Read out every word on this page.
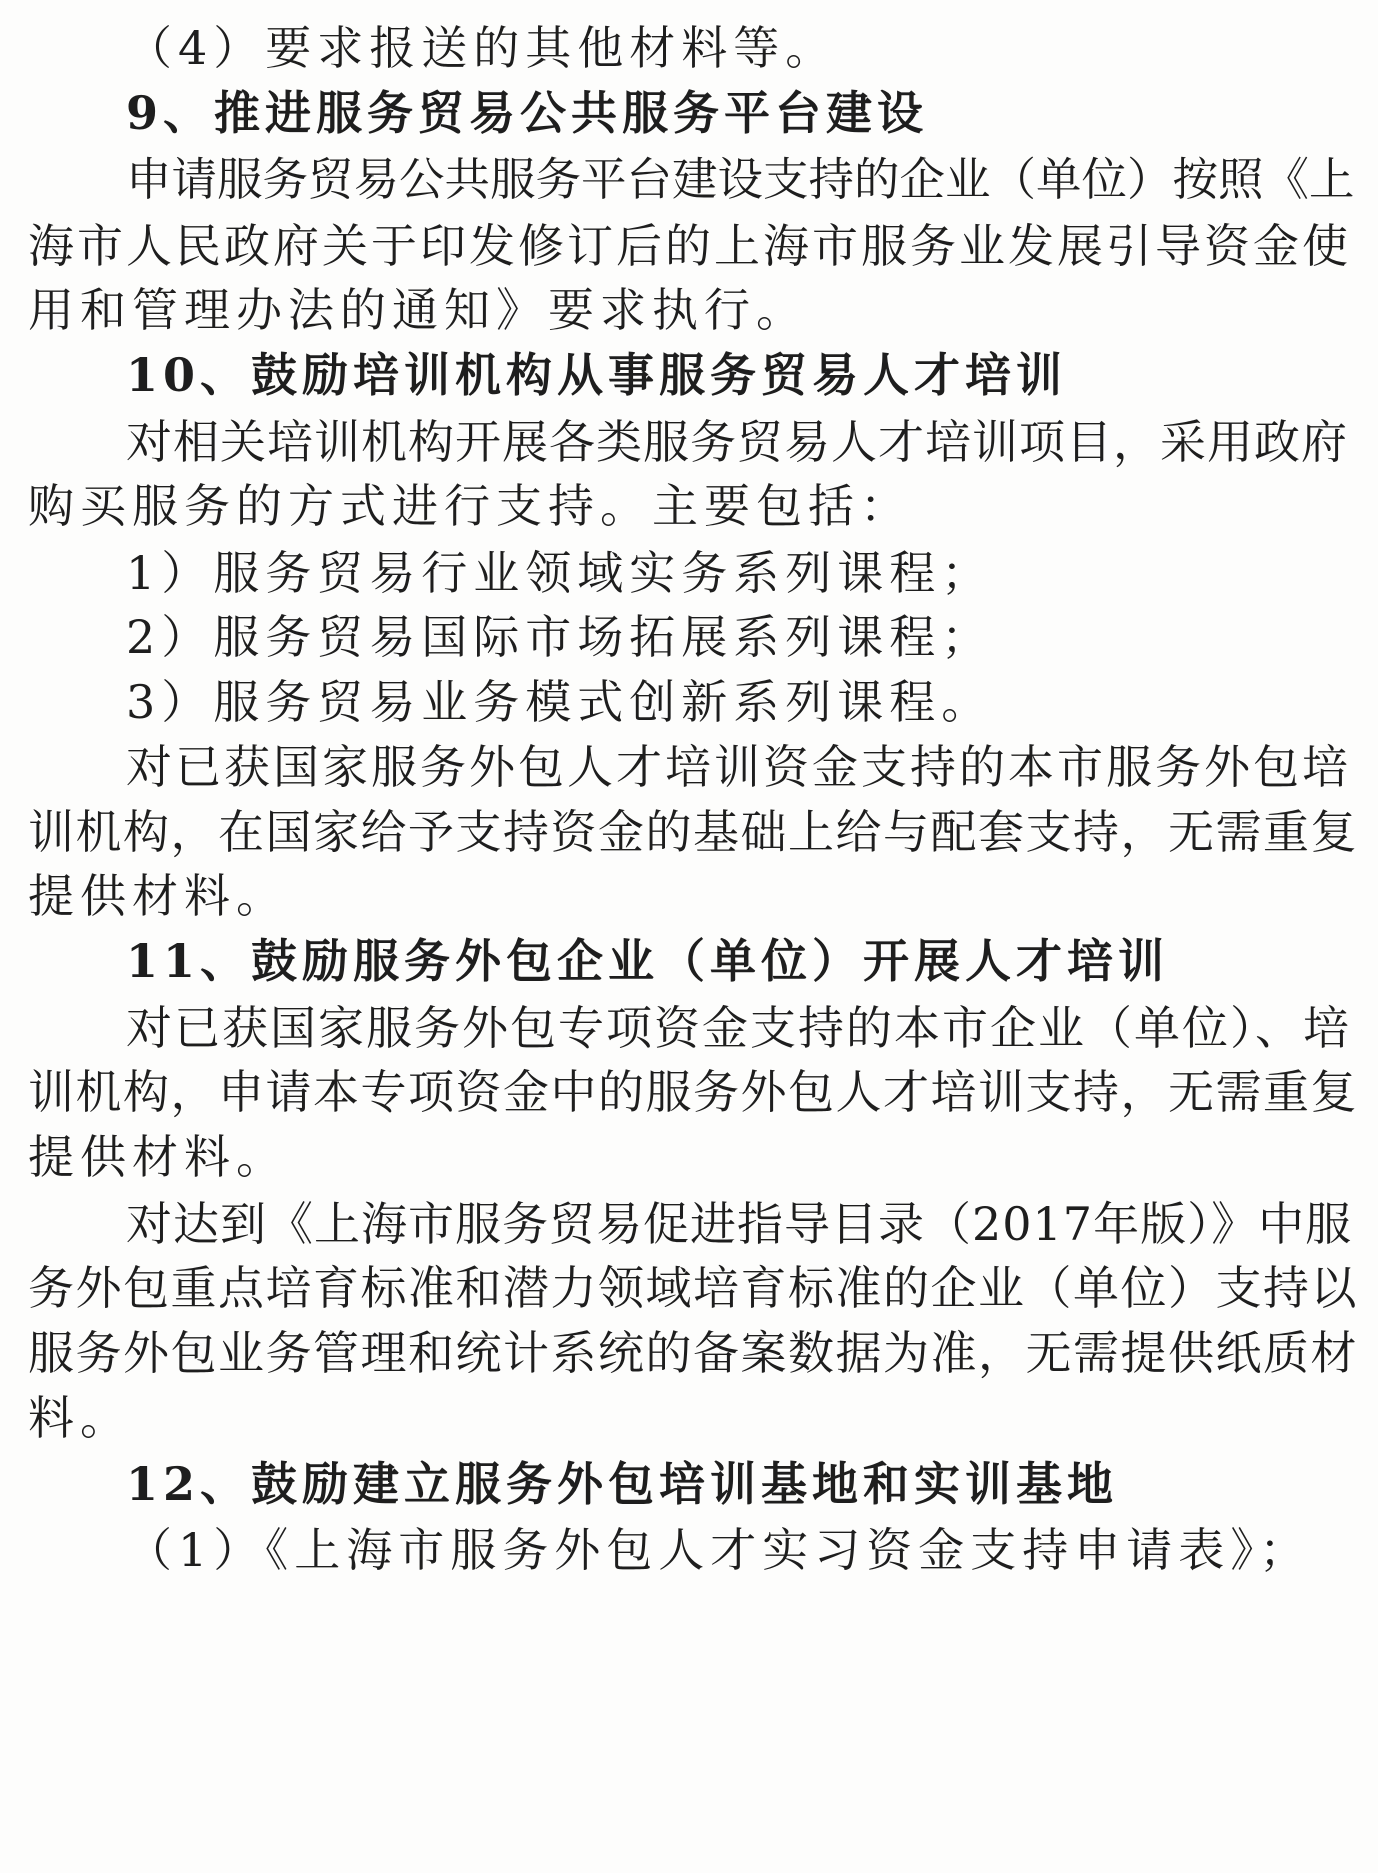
（4）要求报送的其他材料等。
9、推进服务贸易公共服务平台建设
申请服务贸易公共服务平台建设支持的企业（单位）按照《上
海市人民政府关于印发修订后的上海市服务业发展引导资金使
用和管理办法的通知》要求执行。
10、鼓励培训机构从事服务贸易人才培训
对相关培训机构开展各类服务贸易人才培训项目，采用政府
购买服务的方式进行支持。主要包括：
1）服务贸易行业领域实务系列课程；
2）服务贸易国际市场拓展系列课程；
3）服务贸易业务模式创新系列课程。
对已获国家服务外包人才培训资金支持的本市服务外包培
训机构，在国家给予支持资金的基础上给与配套支持，无需重复
提供材料。
11、鼓励服务外包企业（单位）开展人才培训
对已获国家服务外包专项资金支持的本市企业（单位）、培
训机构，申请本专项资金中的服务外包人才培训支持，无需重复
提供材料。
对达到《上海市服务贸易促进指导目录（2017年版）》中服
务外包重点培育标准和潜力领域培育标准的企业（单位）支持以
服务外包业务管理和统计系统的备案数据为准，无需提供纸质材
料。
12、鼓励建立服务外包培训基地和实训基地
（1）《上海市服务外包人才实习资金支持申请表》；
